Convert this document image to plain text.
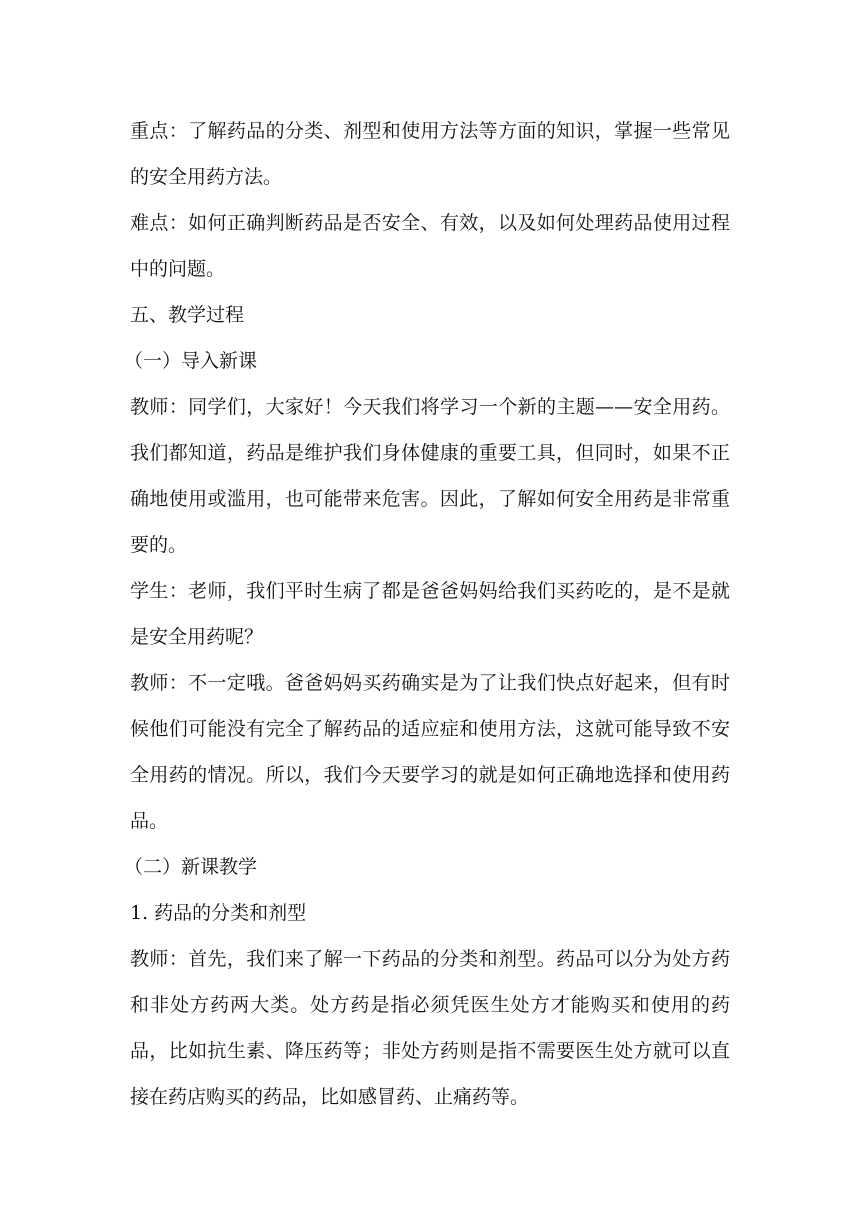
重点：了解药品的分类、剂型和使用方法等方面的知识，掌握一些常见的安全用药方法。

难点：如何正确判断药品是否安全、有效，以及如何处理药品使用过程中的问题。

五、教学过程

（一）导入新课

教师：同学们，大家好！今天我们将学习一个新的主题——安全用药。我们都知道，药品是维护我们身体健康的重要工具，但同时，如果不正确地使用或滥用，也可能带来危害。因此，了解如何安全用药是非常重要的。

学生：老师，我们平时生病了都是爸爸妈妈给我们买药吃的，是不是就是安全用药呢？

教师：不一定哦。爸爸妈妈买药确实是为了让我们快点好起来，但有时候他们可能没有完全了解药品的适应症和使用方法，这就可能导致不安全用药的情况。所以，我们今天要学习的就是如何正确地选择和使用药品。

（二）新课教学

1. 药品的分类和剂型

教师：首先，我们来了解一下药品的分类和剂型。药品可以分为处方药和非处方药两大类。处方药是指必须凭医生处方才能购买和使用的药品，比如抗生素、降压药等；非处方药则是指不需要医生处方就可以直接在药店购买的药品，比如感冒药、止痛药等。
